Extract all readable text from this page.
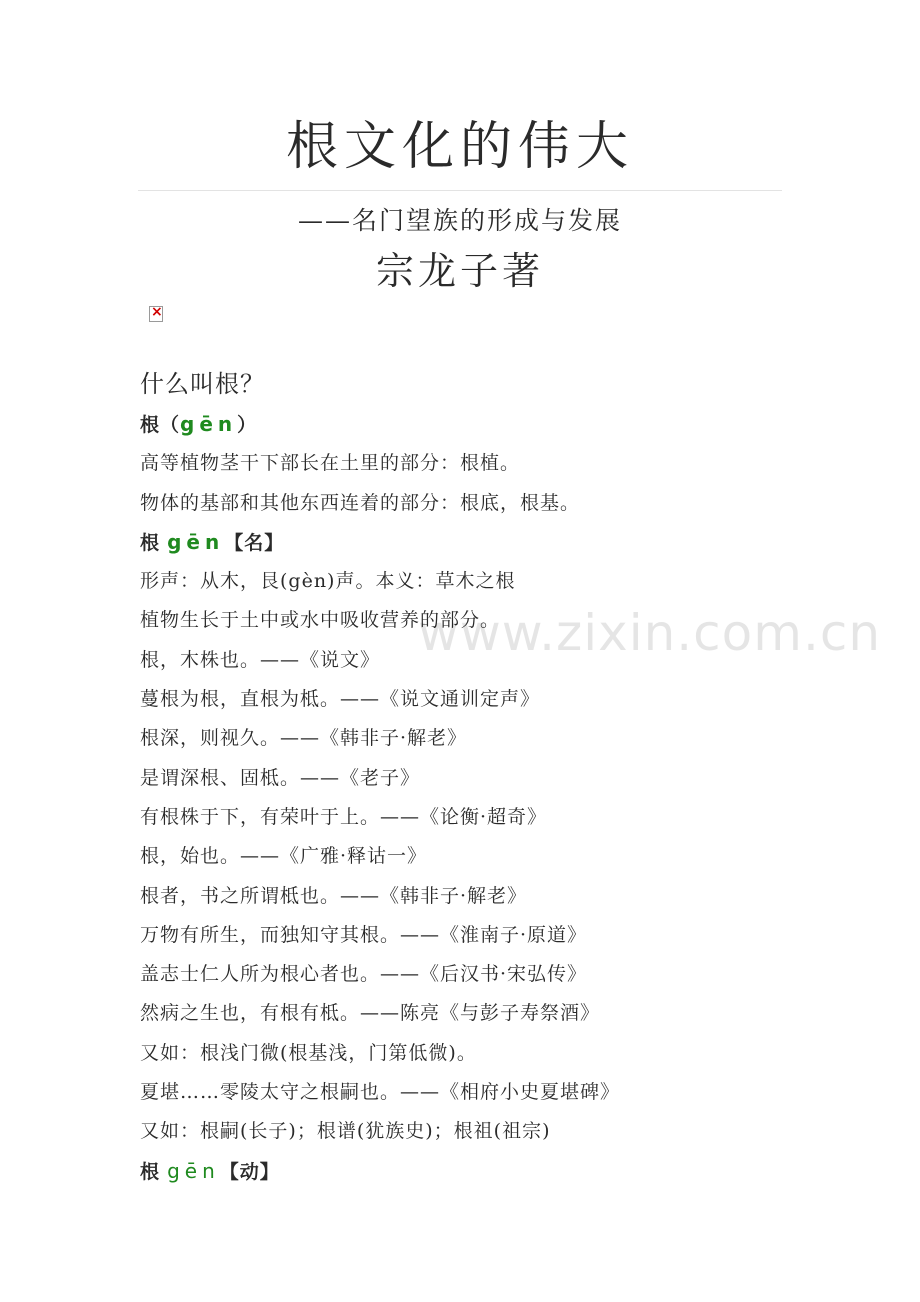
根文化的伟大
——名门望族的形成与发展
宗龙子著
×
什么叫根？
根（gēn）
高等植物茎干下部长在土里的部分：根植。
物体的基部和其他东西连着的部分：根底，根基。
根 gēn【名】
形声：从木，艮(gèn)声。本义：草木之根
植物生长于土中或水中吸收营养的部分。
根，木株也。——《说文》
蔓根为根，直根为柢。——《说文通训定声》
根深，则视久。——《韩非子·解老》
是谓深根、固柢。——《老子》
有根株于下，有荣叶于上。——《论衡·超奇》
根，始也。——《广雅·释诂一》
根者，书之所谓柢也。——《韩非子·解老》
万物有所生，而独知守其根。——《淮南子·原道》
盖志士仁人所为根心者也。——《后汉书·宋弘传》
然病之生也，有根有柢。——陈亮《与彭子寿祭酒》
又如：根浅门微(根基浅，门第低微)。
夏堪……零陵太守之根嗣也。——《相府小史夏堪碑》
又如：根嗣(长子)；根谱(犹族史)；根祖(祖宗)
根 gēn【动】
www.zixin.com.cn
